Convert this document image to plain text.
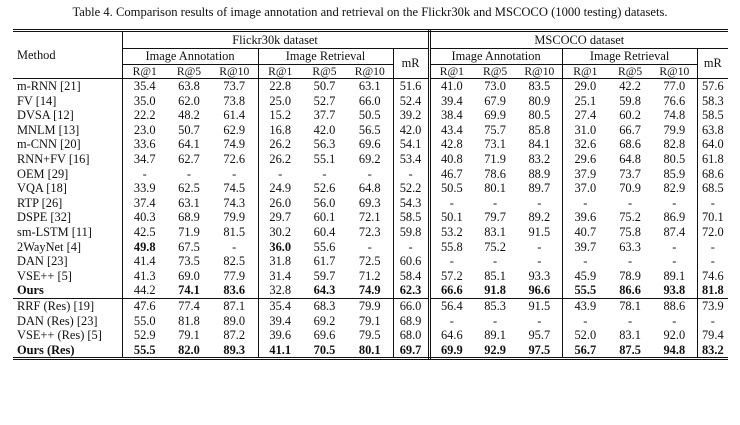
Table 4. Comparison results of image annotation and retrieval on the Flickr30k and MSCOCO (1000 testing) datasets.
Method	Flickr30k dataset							MSCOCO dataset						
	Image Annotation			Image Retrieval			mR	Image Annotation			Image Retrieval			mR
	R@1	R@5	R@10	R@1	R@5	R@10		R@1	R@5	R@10	R@1	R@5	R@10	
m-RNN [21]	35.4	63.8	73.7	22.8	50.7	63.1	51.6	41.0	73.0	83.5	29.0	42.2	77.0	57.6
FV [14]	35.0	62.0	73.8	25.0	52.7	66.0	52.4	39.4	67.9	80.9	25.1	59.8	76.6	58.3
DVSA [12]	22.2	48.2	61.4	15.2	37.7	50.5	39.2	38.4	69.9	80.5	27.4	60.2	74.8	58.5
MNLM [13]	23.0	50.7	62.9	16.8	42.0	56.5	42.0	43.4	75.7	85.8	31.0	66.7	79.9	63.8
m-CNN [20]	33.6	64.1	74.9	26.2	56.3	69.6	54.1	42.8	73.1	84.1	32.6	68.6	82.8	64.0
RNN+FV [16]	34.7	62.7	72.6	26.2	55.1	69.2	53.4	40.8	71.9	83.2	29.6	64.8	80.5	61.8
OEM [29]	-	-	-	-	-	-	-	46.7	78.6	88.9	37.9	73.7	85.9	68.6
VQA [18]	33.9	62.5	74.5	24.9	52.6	64.8	52.2	50.5	80.1	89.7	37.0	70.9	82.9	68.5
RTP [26]	37.4	63.1	74.3	26.0	56.0	69.3	54.3	-	-	-	-	-	-	-
DSPE [32]	40.3	68.9	79.9	29.7	60.1	72.1	58.5	50.1	79.7	89.2	39.6	75.2	86.9	70.1
sm-LSTM [11]	42.5	71.9	81.5	30.2	60.4	72.3	59.8	53.2	83.1	91.5	40.7	75.8	87.4	72.0
2WayNet [4]	49.8	67.5	-	36.0	55.6	-	-	55.8	75.2	-	39.7	63.3	-	-
DAN [23]	41.4	73.5	82.5	31.8	61.7	72.5	60.6	-	-	-	-	-	-	-
VSE++ [5]	41.3	69.0	77.9	31.4	59.7	71.2	58.4	57.2	85.1	93.3	45.9	78.9	89.1	74.6
Ours	44.2	74.1	83.6	32.8	64.3	74.9	62.3	66.6	91.8	96.6	55.5	86.6	93.8	81.8
RRF (Res) [19]	47.6	77.4	87.1	35.4	68.3	79.9	66.0	56.4	85.3	91.5	43.9	78.1	88.6	73.9
DAN (Res) [23]	55.0	81.8	89.0	39.4	69.2	79.1	68.9	-	-	-	-	-	-	-
VSE++ (Res) [5]	52.9	79.1	87.2	39.6	69.6	79.5	68.0	64.6	89.1	95.7	52.0	83.1	92.0	79.4
Ours (Res)	55.5	82.0	89.3	41.1	70.5	80.1	69.7	69.9	92.9	97.5	56.7	87.5	94.8	83.2
